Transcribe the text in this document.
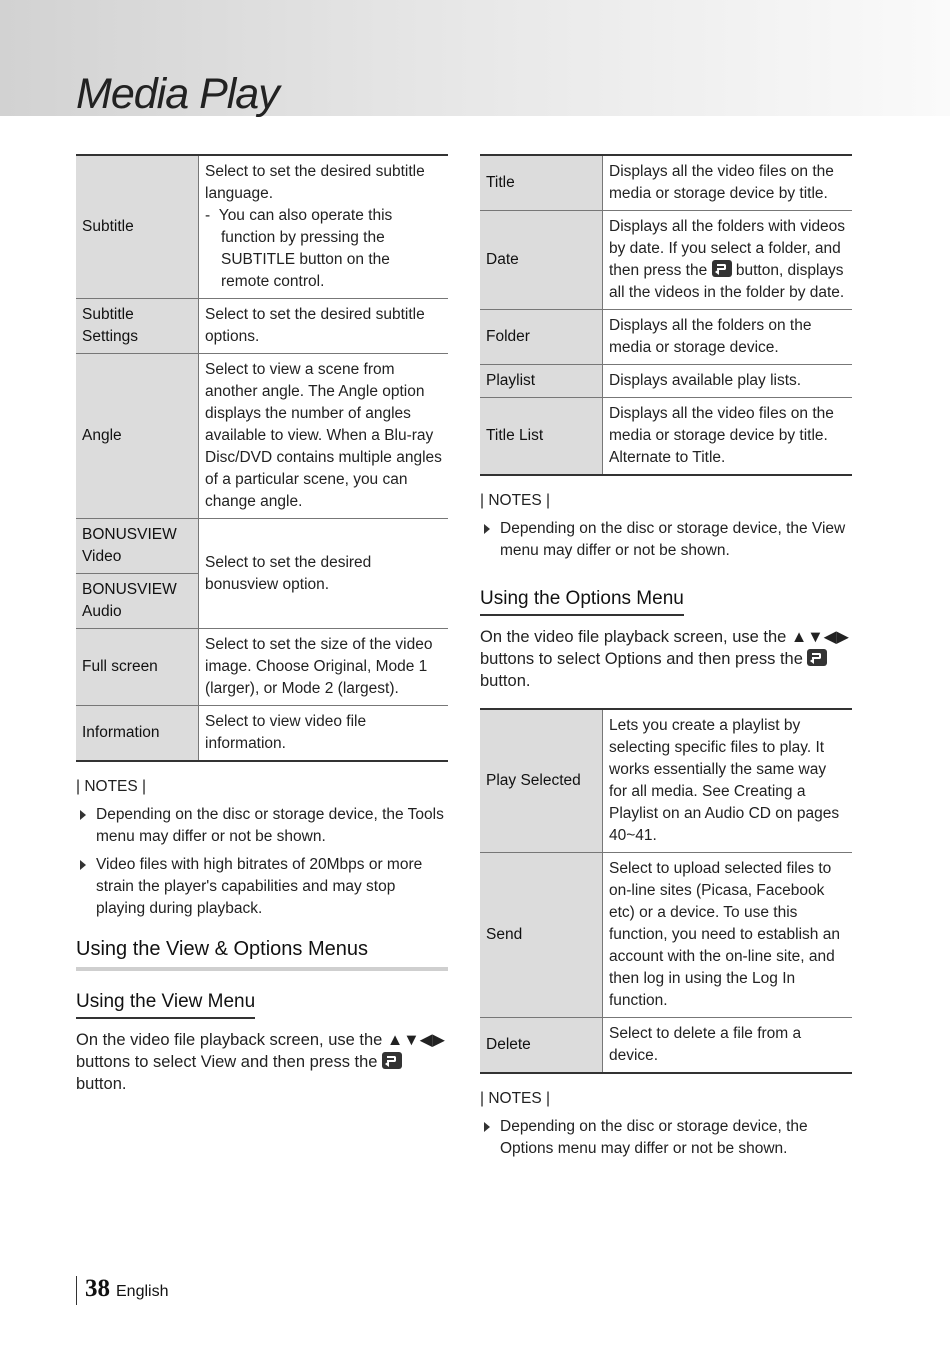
Media Play
Subtitle	Select to set the desired subtitle language.
-  You can also operate this function by pressing the SUBTITLE button on the remote control.

Subtitle Settings	Select to set the desired subtitle options.
Angle	Select to view a scene from another angle. The Angle option displays the number of angles available to view. When a Blu-ray Disc/DVD contains multiple angles of a particular scene, you can change angle.
BONUSVIEW Video	Select to set the desired bonusview option.
BONUSVIEW Audio	
Full screen	Select to set the size of the video image. Choose Original, Mode 1 (larger), or Mode 2 (largest).
Information	Select to view video file information.
| NOTES |
Depending on the disc or storage device, the Tools menu may differ or not be shown.
Video files with high bitrates of 20Mbps or more strain the player's capabilities and may stop playing during playback.
Using the View & Options Menus
Using the View Menu
On the video file playback screen, use the ▲▼◀▶ buttons to select View and then press the  button.
Title	Displays all the video files on the media or storage device by title.
Date	Displays all the folders with videos by date. If you select a folder, and then press the  button, displays all the videos in the folder by date.
Folder	Displays all the folders on the media or storage device.
Playlist	Displays available play lists.
Title List	Displays all the video files on the media or storage device by title. Alternate to Title.
| NOTES |
Depending on the disc or storage device, the View menu may differ or not be shown.
Using the Options Menu
On the video file playback screen, use the ▲▼◀▶ buttons to select Options and then press the  button.
Play Selected	Lets you create a playlist by selecting specific files to play. It works essentially the same way for all media. See Creating a Playlist on an Audio CD on pages 40~41.
Send	Select to upload selected files to on-line sites (Picasa, Facebook etc) or a device. To use this function, you need to establish an account with the on-line site, and then log in using the Log In function.
Delete	Select to delete a file from a device.
| NOTES |
Depending on the disc or storage device, the Options menu may differ or not be shown.
38 English
